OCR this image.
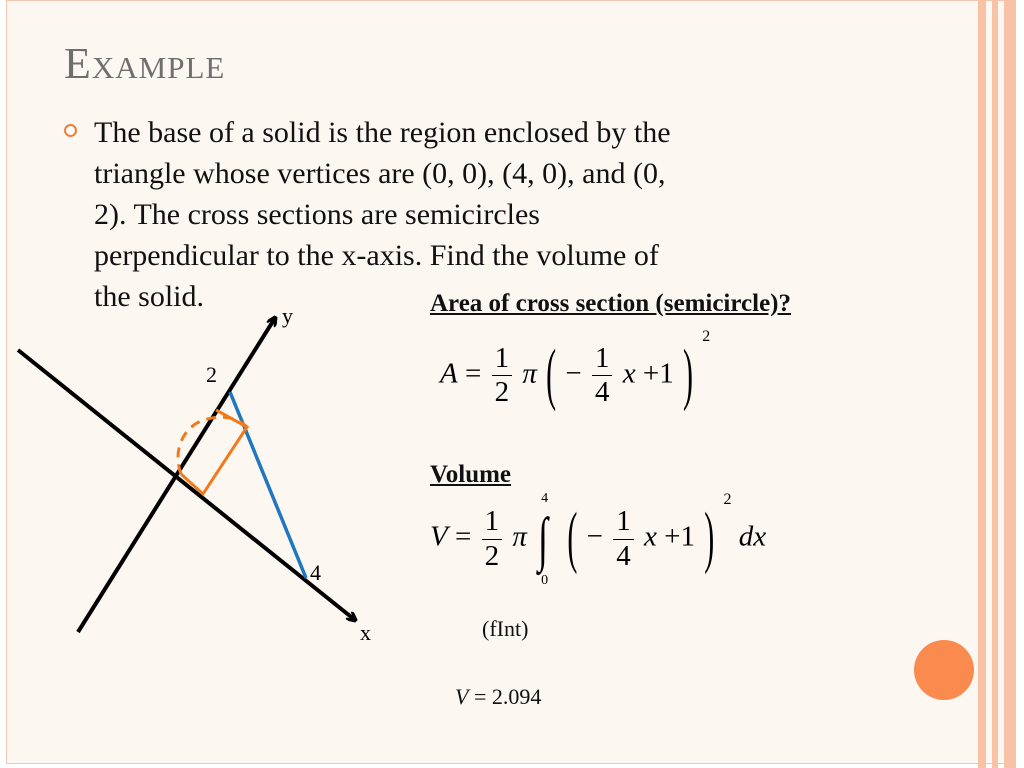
Example
The base of a solid is the region enclosed by the
triangle whose vertices are (0, 0), (4, 0), and (0,
2). The cross sections are semicircles
perpendicular to the x-axis. Find the volume of
the solid.
y
x
2
4
Area of cross section (semicircle)?
$A = \frac{1}{2}$ π ( − $\frac{1}{4}$ x +1 ) $^2$
Volume
$V = \frac{1}{2}$ π ∫
4
0
( − $\frac{1}{4}$ x +1 ) $^2$ dx
(fInt)
V = 2.094
